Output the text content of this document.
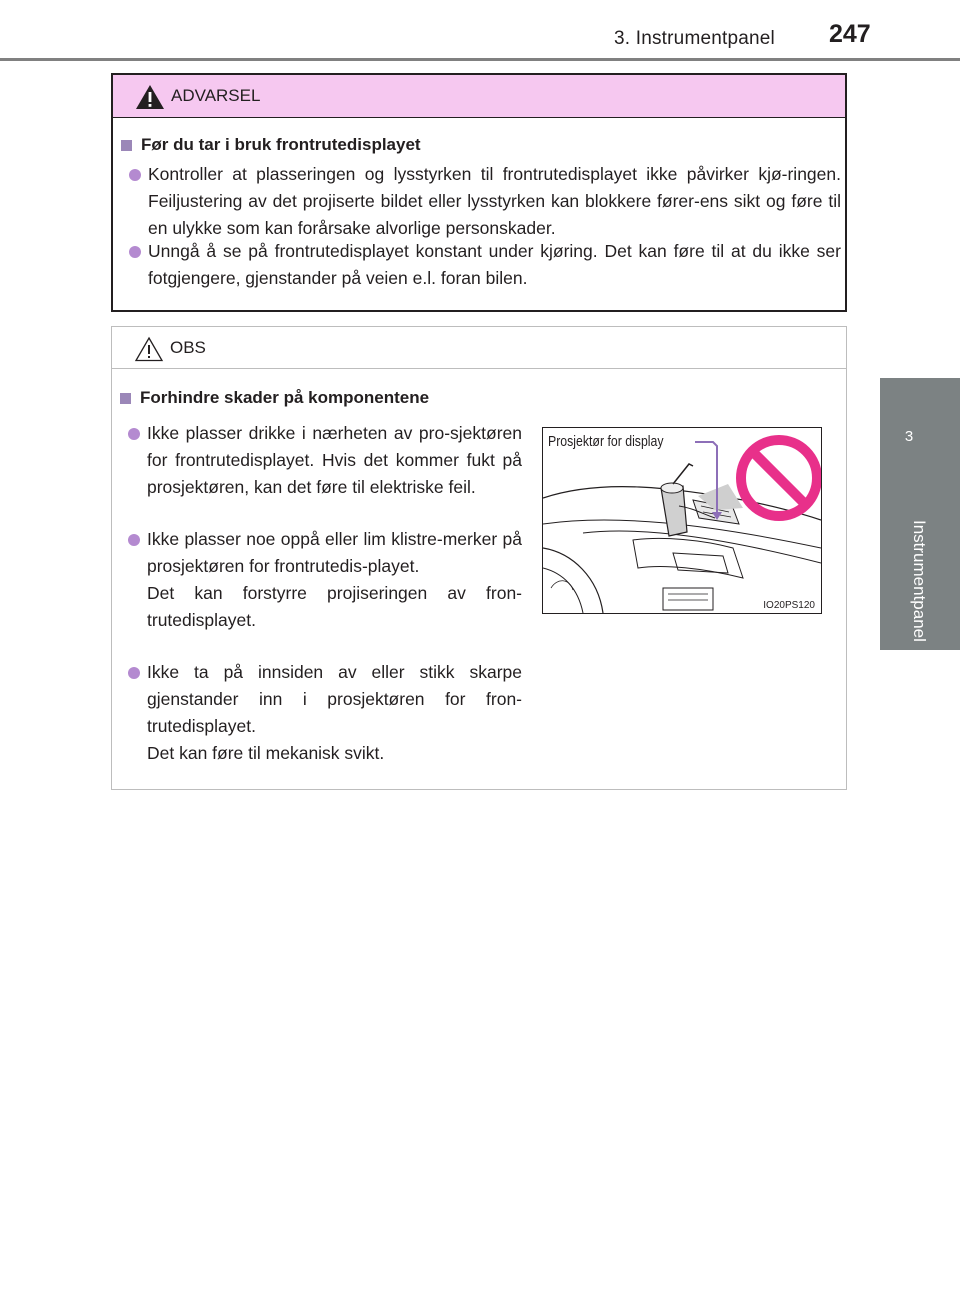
3. Instrumentpanel 247
3
Instrumentpanel
ADVARSEL
Før du tar i bruk frontrutedisplayet
Kontroller at plasseringen og lysstyrken til frontrutedisplayet ikke påvirker kjø-ringen. Feiljustering av det projiserte bildet eller lysstyrken kan blokkere fører-ens sikt og føre til en ulykke som kan forårsake alvorlige personskader.
Unngå å se på frontrutedisplayet konstant under kjøring. Det kan føre til at du ikke ser fotgjengere, gjenstander på veien e.l. foran bilen.
OBS
Forhindre skader på komponentene
Ikke plasser drikke i nærheten av pro-sjektøren for frontrutedisplayet. Hvis det kommer fukt på prosjektøren, kan det føre til elektriske feil.
Ikke plasser noe oppå eller lim klistre-merker på prosjektøren for frontrutedis-playet.
Det kan forstyrre projiseringen av fron-trutedisplayet.
Ikke ta på innsiden av eller stikk skarpe gjenstander inn i prosjektøren for fron-trutedisplayet.
Det kan føre til mekanisk svikt.
Prosjektør for display
IO20PS120
